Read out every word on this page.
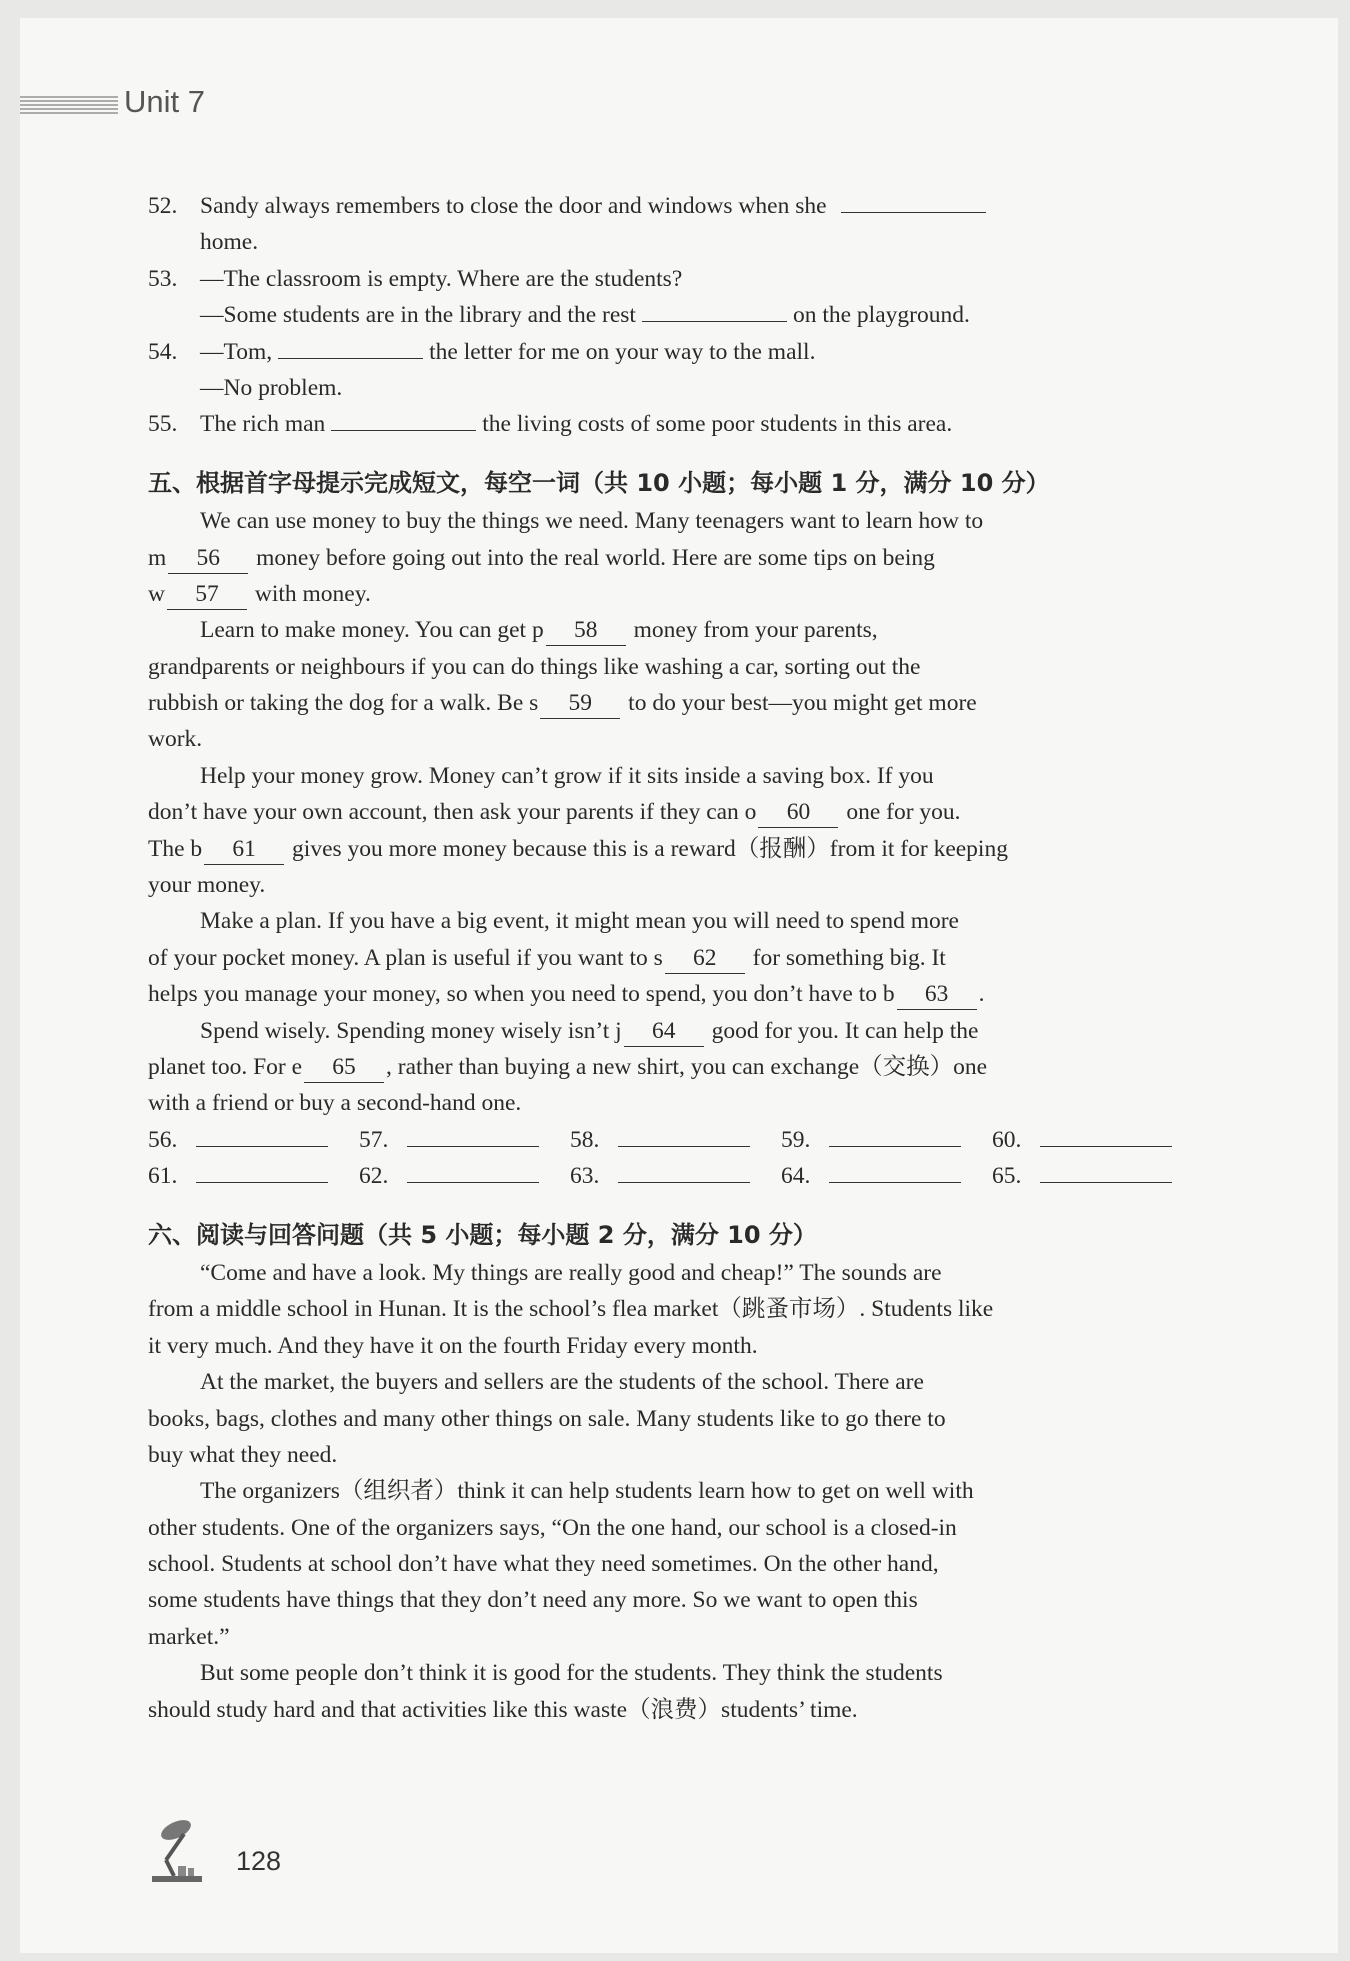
Unit 7
52. Sandy always remembers to close the door and windows when she
home.
53. —The classroom is empty. Where are the students?
—Some students are in the library and the rest	on the playground.
54. —Tom,	the letter for me on your way to the mall.
—No problem.
55. The rich man	the living costs of some poor students in this area.
五、根据首字母提示完成短文，每空一词（共 10 小题；每小题 1 分，满分 10 分）
We can use money to buy the things we need. Many teenagers want to learn how to
m 56 money before going out into the real world. Here are some tips on being
w 57 with money.
Learn to make money. You can get p 58 money from your parents,
grandparents or neighbours if you can do things like washing a car, sorting out the
rubbish or taking the dog for a walk. Be s 59 to do your best—you might get more
work.
Help your money grow. Money can’t grow if it sits inside a saving box. If you
don’t have your own account, then ask your parents if they can o 60 one for you.
The b 61 gives you more money because this is a reward（报酬）from it for keeping
your money.
Make a plan. If you have a big event, it might mean you will need to spend more
of your pocket money. A plan is useful if you want to s 62 for something big. It
helps you manage your money, so when you need to spend, you don’t have to b 63 .
Spend wisely. Spending money wisely isn’t j 64 good for you. It can help the
planet too. For e 65 , rather than buying a new shirt, you can exchange（交换）one
with a friend or buy a second-hand one.
56.	57.	58.	59.	60.
61.	62.	63.	64.	65.
六、阅读与回答问题（共 5 小题；每小题 2 分，满分 10 分）
“Come and have a look. My things are really good and cheap!” The sounds are
from a middle school in Hunan. It is the school’s flea market（跳蚤市场）. Students like
it very much. And they have it on the fourth Friday every month.
At the market, the buyers and sellers are the students of the school. There are
books, bags, clothes and many other things on sale. Many students like to go there to
buy what they need.
The organizers（组织者）think it can help students learn how to get on well with
other students. One of the organizers says, “On the one hand, our school is a closed-in
school. Students at school don’t have what they need sometimes. On the other hand,
some students have things that they don’t need any more. So we want to open this
market.”
But some people don’t think it is good for the students. They think the students
should study hard and that activities like this waste（浪费）students’ time.
128
